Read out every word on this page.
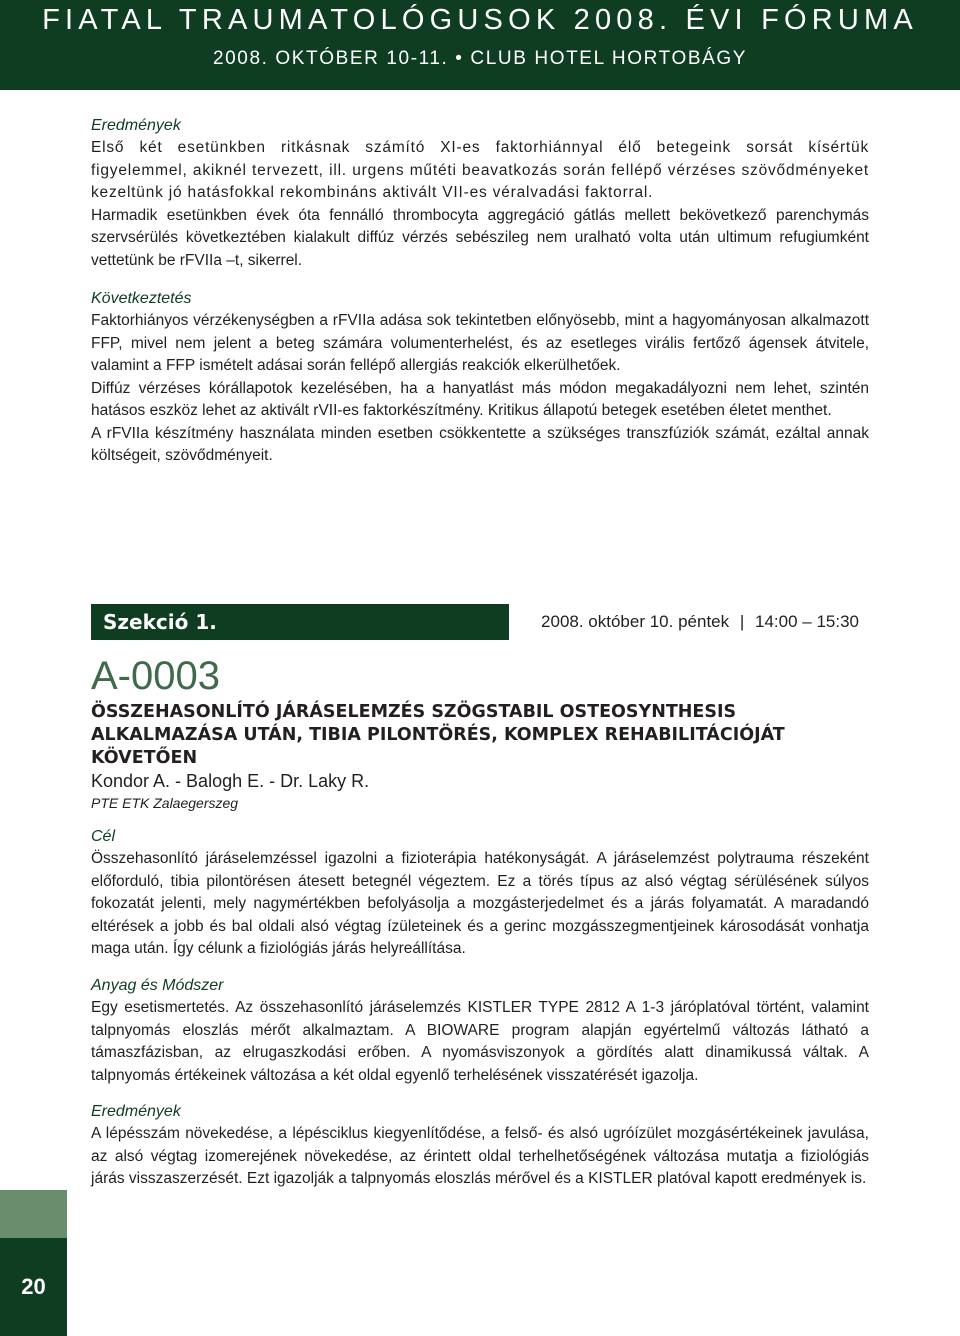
FIATAL TRAUMATOLÓGUSOK 2008. ÉVI FÓRUMA
2008. OKTÓBER 10-11. • CLUB HOTEL HORTOBÁGY

Eredmények

Első két esetünkben ritkásnak számító XI-es faktorhiánnyal élő betegeink sorsát kísértük figyelemmel, akiknél tervezett, ill. urgens műtéti beavatkozás során fellépő vérzéses szövődményeket kezeltünk jó hatásfokkal rekombináns aktivált VII-es véralvadási faktorral.

Harmadik esetünkben évek óta fennálló thrombocyta aggregáció gátlás mellett bekövetkező parenchymás szervsérülés következtében kialakult diffúz vérzés sebészileg nem uralható volta után ultimum refugiumként vettetünk be rFVIIa –t, sikerrel.

Következtetés

Faktorhiányos vérzékenységben a rFVIIa adása sok tekintetben előnyösebb, mint a hagyományosan alkalmazott FFP, mivel nem jelent a beteg számára volumenterhelést, és az esetleges virális fertőző ágensek átvitele, valamint a FFP ismételt adásai során fellépő allergiás reakciók elkerülhetőek.

Diffúz vérzéses kórállapotok kezelésében, ha a hanyatlást más módon megakadályozni nem lehet, szintén hatásos eszköz lehet az aktivált rVII-es faktorkészítmény. Kritikus állapotú betegek esetében életet menthet.

A rFVIIa készítmény használata minden esetben csökkentette a szükséges transzfúziók számát, ezáltal annak költségeit, szövődményeit.

Szekció 1.	2008. október 10. péntek | 14:00 – 15:30
A-0003
ÖSSZEHASONLÍTÓ JÁRÁSELEMZÉS SZÖGSTABIL OSTEOSYNTHESIS ALKALMAZÁSA UTÁN, TIBIA PILONTÖRÉS, KOMPLEX REHABILITÁCIÓJÁT KÖVETŐEN
Kondor A. - Balogh E. - Dr. Laky R.
PTE ETK Zalaegerszeg

Cél

Összehasonlító járáselemzéssel igazolni a fizioterápia hatékonyságát. A járáselemzést polytrauma részeként előforduló, tibia pilontörésen átesett betegnél végeztem. Ez a törés típus az alsó végtag sérülésének súlyos fokozatát jelenti, mely nagymértékben befolyásolja a mozgásterjedelmet és a járás folyamatát. A maradandó eltérések a jobb és bal oldali alsó végtag ízületeinek és a gerinc mozgásszegmentjeinek károsodását vonhatja maga után. Így célunk a fiziológiás járás helyreállítása.

Anyag és Módszer

Egy esetismertetés. Az összehasonlító járáselemzés KISTLER TYPE 2812 A 1-3 járóplatóval történt, valamint talpnyomás eloszlás mérőt alkalmaztam. A BIOWARE program alapján egyértelmű változás látható a támaszfázisban, az elrugaszkodási erőben. A nyomásviszonyok a gördítés alatt dinamikussá váltak. A talpnyomás értékeinek változása a két oldal egyenlő terhelésének visszatérését igazolja.

Eredmények

A lépésszám növekedése, a lépésciklus kiegyenlítődése, a felső- és alsó ugróízület mozgásértékeinek javulása, az alsó végtag izomerejének növekedése, az érintett oldal terhelhetőségének változása mutatja a fiziológiás járás visszaszerzését. Ezt igazolják a talpnyomás eloszlás mérővel és a KISTLER platóval kapott eredmények is.

20
